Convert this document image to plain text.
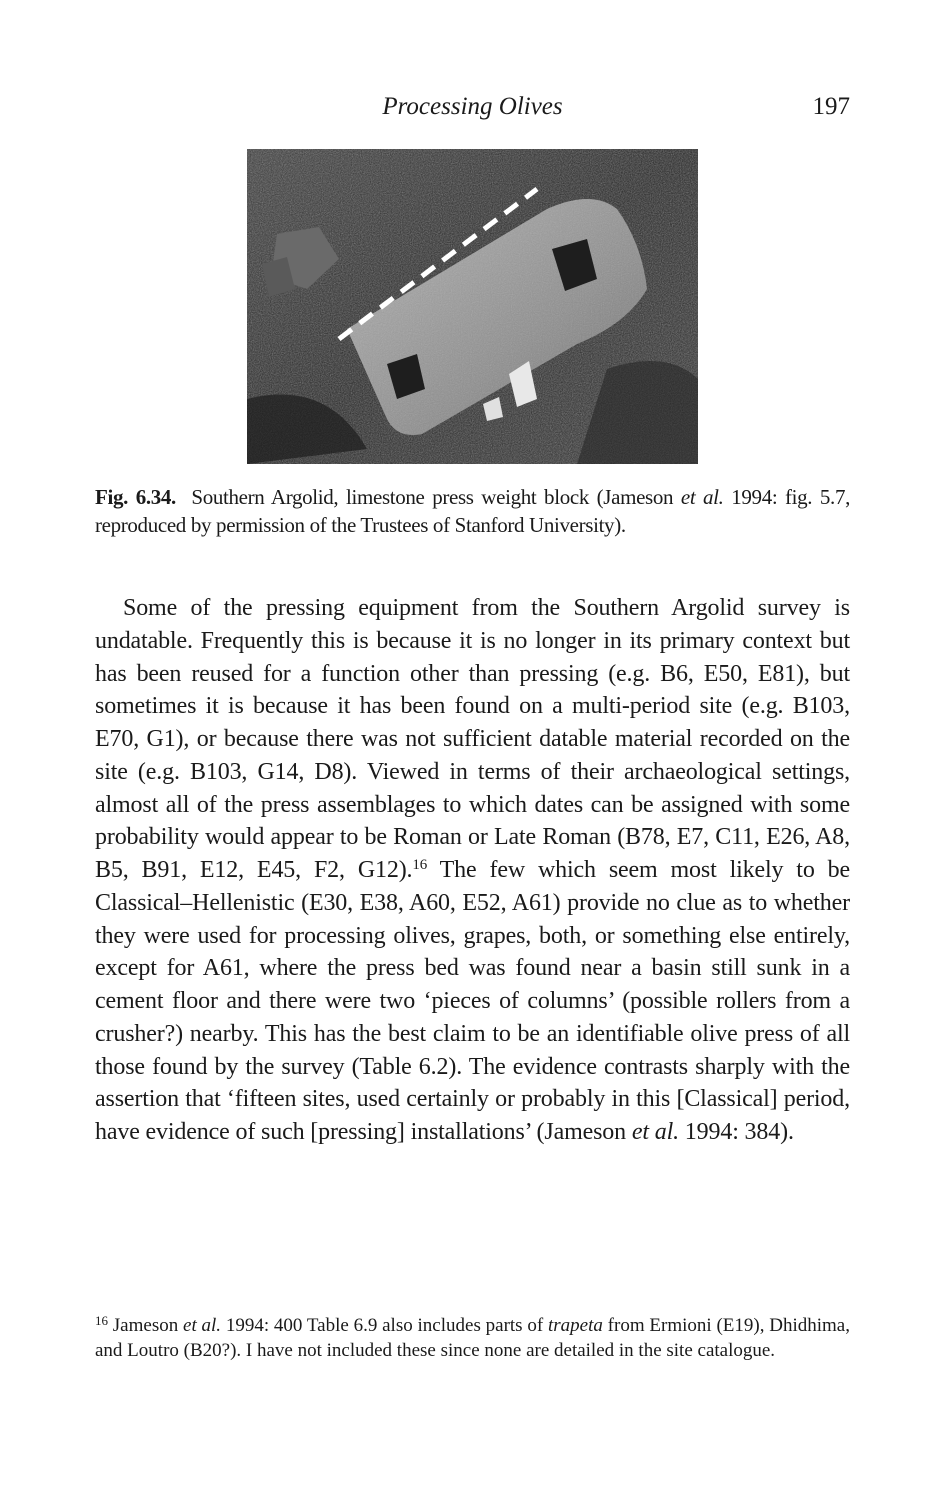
Processing Olives	197
Fig. 6.34. Southern Argolid, limestone press weight block (Jameson et al. 1994: fig. 5.7, reproduced by permission of the Trustees of Stanford University).

Some of the pressing equipment from the Southern Argolid survey is undatable. Frequently this is because it is no longer in its primary context but has been reused for a function other than pressing (e.g. B6, E50, E81), but sometimes it is because it has been found on a multi-period site (e.g. B103, E70, G1), or because there was not sufficient datable material recorded on the site (e.g. B103, G14, D8). Viewed in terms of their archaeological settings, almost all of the press assemblages to which dates can be assigned with some probability would appear to be Roman or Late Roman (B78, E7, C11, E26, A8, B5, B91, E12, E45, F2, G12).$^{16}$ The few which seem most likely to be Classical–Hellenistic (E30, E38, A60, E52, A61) provide no clue as to whether they were used for processing olives, grapes, both, or something else entirely, except for A61, where the press bed was found near a basin still sunk in a cement floor and there were two ‘pieces of columns’ (possible rollers from a crusher?) nearby. This has the best claim to be an identifiable olive press of all those found by the survey (Table 6.2). The evidence contrasts sharply with the assertion that ‘fifteen sites, used certainly or probably in this [Classical] period, have evidence of such [pressing] installations’ (Jameson et al. 1994: 384).

$^{16}$ Jameson et al. 1994: 400 Table 6.9 also includes parts of trapeta from Ermioni (E19), Dhidhima, and Loutro (B20?). I have not included these since none are detailed in the site catalogue.
